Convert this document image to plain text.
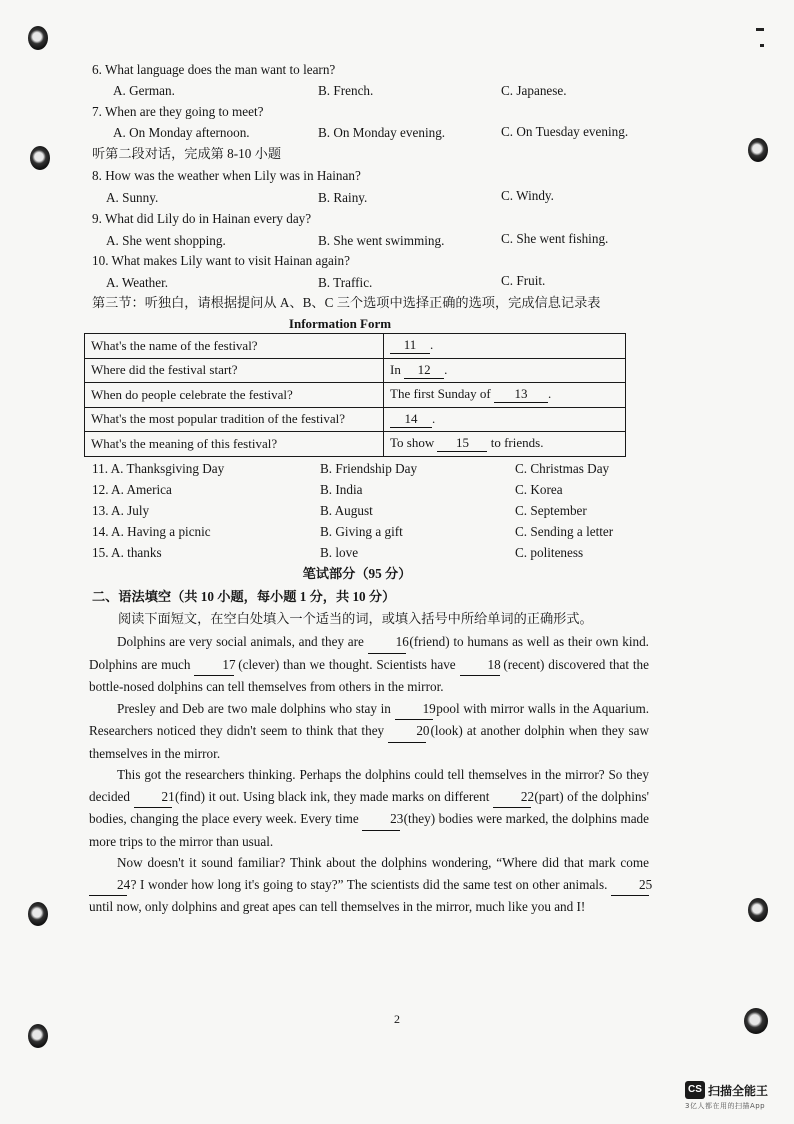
6. What language does the man want to learn?
A. German.	B. French.	C. Japanese.
7. When are they going to meet?
A. On Monday afternoon.	B. On Monday evening.	C. On Tuesday evening.
听第二段对话，完成第 8-10 小题
8. How was the weather when Lily was in Hainan?
A. Sunny.	B. Rainy.	C. Windy.
9. What did Lily do in Hainan every day?
A. She went shopping.	B. She went swimming.	C. She went fishing.
10. What makes Lily want to visit Hainan again?
A. Weather.	B. Traffic.	C. Fruit.
第三节：听独白，请根据提问从 A、B、C 三个选项中选择正确的选项，完成信息记录表
Information Form
What's the name of the festival?	11 .
Where did the festival start?	In 12 .
When do people celebrate the festival?	The first Sunday of 13 .
What's the most popular tradition of the festival?	14 .
What's the meaning of this festival?	To show 15 to friends.
11. A. Thanksgiving Day	B. Friendship Day	C. Christmas Day
12. A. America	B. India	C. Korea
13. A. July	B. August	C. September
14. A. Having a picnic	B. Giving a gift	C. Sending a letter
15. A. thanks	B. love	C. politeness
笔试部分（95 分）
二、语法填空（共 10 小题，每小题 1 分，共 10 分）
阅读下面短文，在空白处填入一个适当的词，或填入括号中所给单词的正确形式。

Dolphins are very social animals, and they are 16 (friend) to humans as well as their own kind. Dolphins are much 17 (clever) than we thought. Scientists have 18 (recent) discovered that the bottle-nosed dolphins can tell themselves from others in the mirror.

Presley and Deb are two male dolphins who stay in 19 pool with mirror walls in the Aquarium. Researchers noticed they didn't seem to think that they 20 (look) at another dolphin when they saw themselves in the mirror.

This got the researchers thinking. Perhaps the dolphins could tell themselves in the mirror? So they decided 21 (find) it out. Using black ink, they made marks on different 22 (part) of the dolphins' bodies, changing the place every week. Every time 23 (they) bodies were marked, the dolphins made more trips to the mirror than usual.

Now doesn't it sound familiar? Think about the dolphins wondering, “Where did that mark come 24 ? I wonder how long it's going to stay?” The scientists did the same test on other animals. 25 until now, only dolphins and great apes can tell themselves in the mirror, much like you and I!

2
CS 扫描全能王
3亿人都在用的扫描App
